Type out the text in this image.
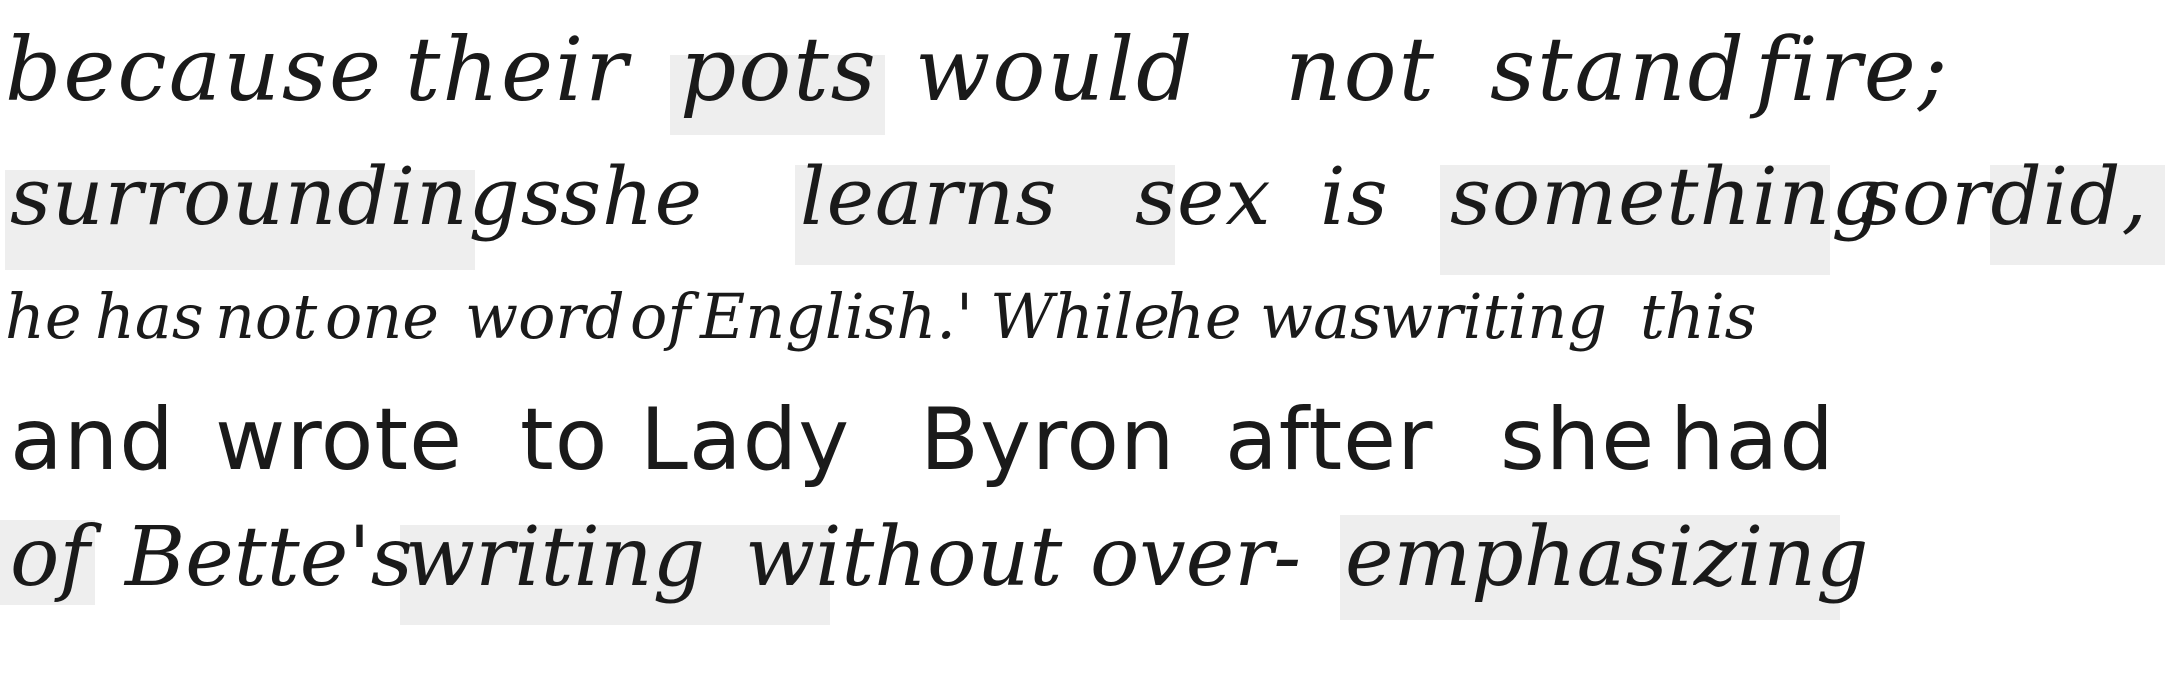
because their pots would not stand fire;
surroundings
she learns sex is something
sordid,
he has not one word of English.' While
he was
writing this
and wrote to Lady Byron after she had
of Bette's
writing without over- emphasizing
